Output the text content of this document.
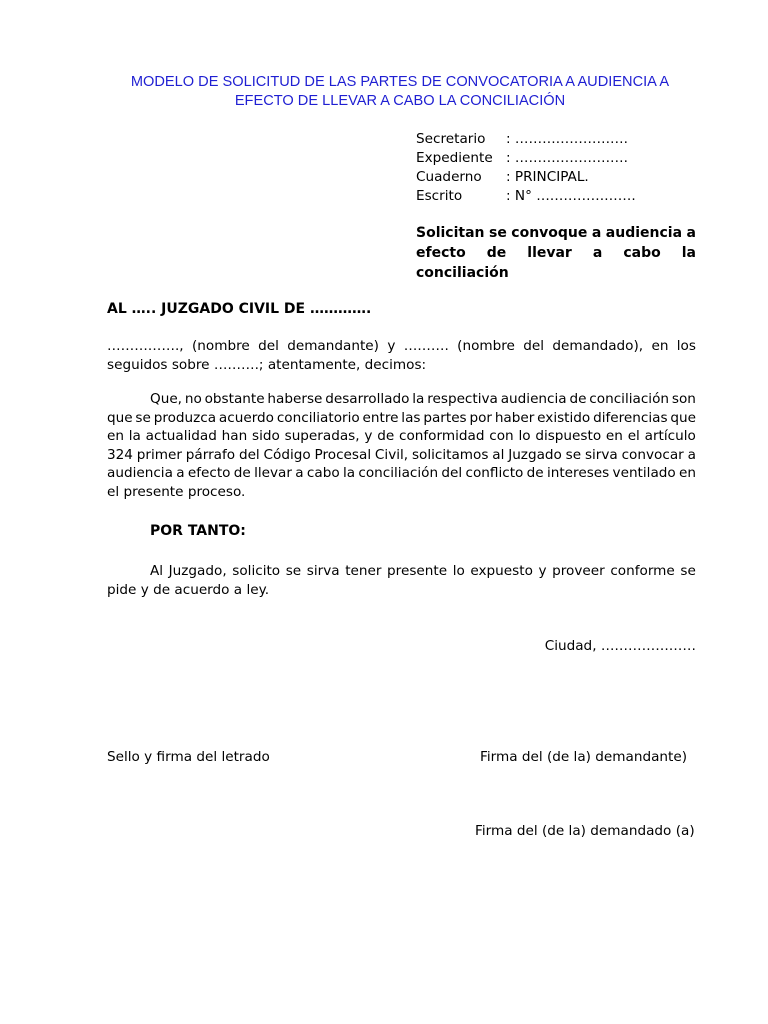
MODELO DE SOLICITUD DE LAS PARTES DE CONVOCATORIA A AUDIENCIA A

EFECTO DE LLEVAR A CABO LA CONCILIACIÓN

Secretario	: …………………….
Expediente : …………………….
Cuaderno	: PRINCIPAL.
Escrito	: N° ………………….
Solicitan se convoque a audiencia a
efecto de llevar a cabo la
conciliación
AL ….. JUZGADO CIVIL DE ………….
……………., (nombre del demandante) y ………. (nombre del demandado), en los
seguidos sobre ……….; atentamente, decimos:
Que, no obstante haberse desarrollado la respectiva audiencia de conciliación son
que se produzca acuerdo conciliatorio entre las partes por haber existido diferencias que
en la actualidad han sido superadas, y de conformidad con lo dispuesto en el artículo
324 primer párrafo del Código Procesal Civil, solicitamos al Juzgado se sirva convocar a
audiencia a efecto de llevar a cabo la conciliación del conflicto de intereses ventilado en
el presente proceso.
POR TANTO:
Al Juzgado, solicito se sirva tener presente lo expuesto y proveer conforme se
pide y de acuerdo a ley.
Ciudad, …………………
Sello y firma del letrado	Firma del (de la) demandante)
Firma del (de la) demandado (a)
